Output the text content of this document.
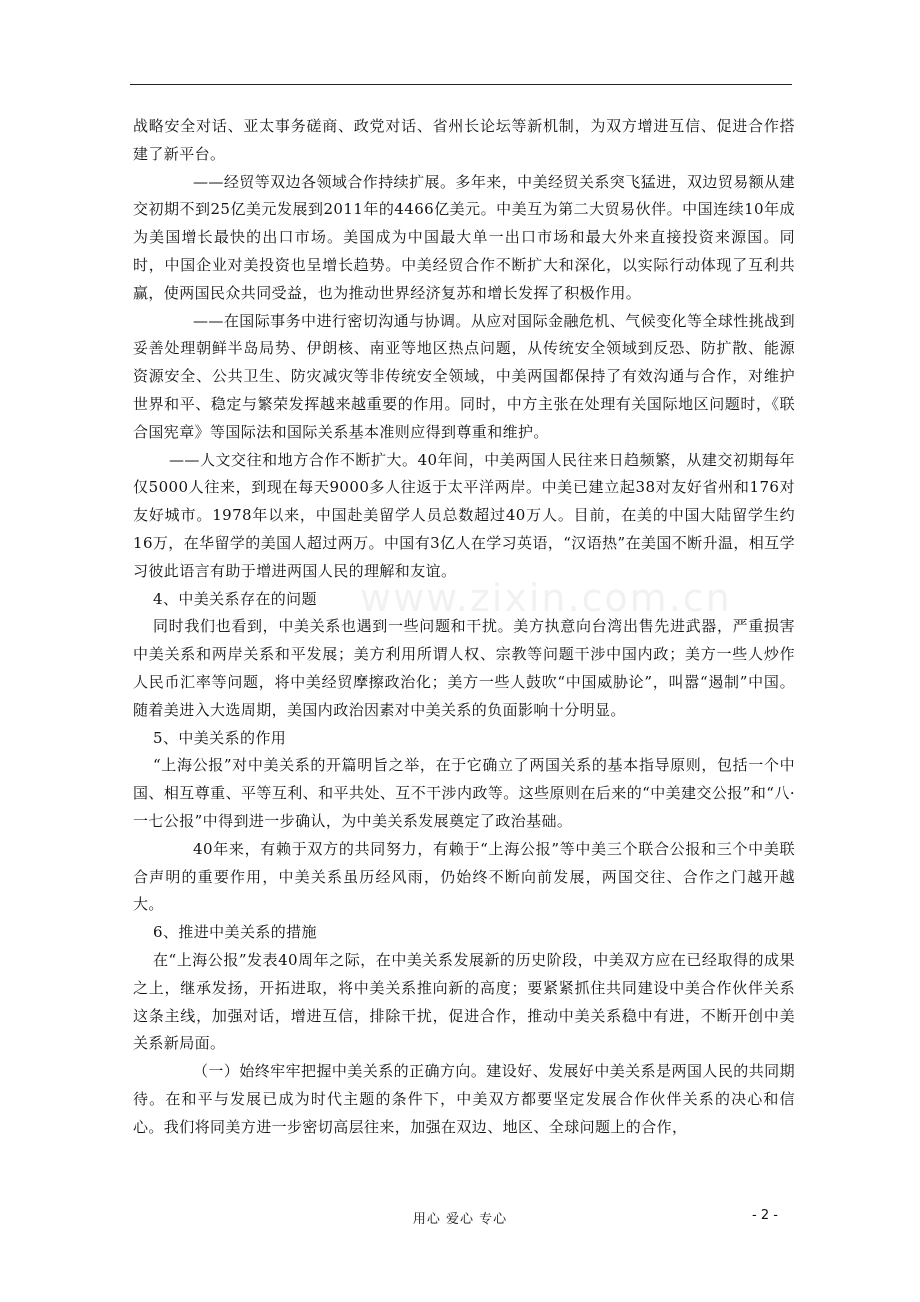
www.zixin.com.cn

战略安全对话、亚太事务磋商、政党对话、省州长论坛等新机制，为双方增进互信、促进合作搭建了新平台。

——经贸等双边各领域合作持续扩展。多年来，中美经贸关系突飞猛进，双边贸易额从建交初期不到25亿美元发展到2011年的4466亿美元。中美互为第二大贸易伙伴。中国连续10年成为美国增长最快的出口市场。美国成为中国最大单一出口市场和最大外来直接投资来源国。同时，中国企业对美投资也呈增长趋势。中美经贸合作不断扩大和深化，以实际行动体现了互利共赢，使两国民众共同受益，也为推动世界经济复苏和增长发挥了积极作用。

——在国际事务中进行密切沟通与协调。从应对国际金融危机、气候变化等全球性挑战到妥善处理朝鲜半岛局势、伊朗核、南亚等地区热点问题，从传统安全领域到反恐、防扩散、能源资源安全、公共卫生、防灾减灾等非传统安全领域，中美两国都保持了有效沟通与合作，对维护世界和平、稳定与繁荣发挥越来越重要的作用。同时，中方主张在处理有关国际地区问题时，《联合国宪章》等国际法和国际关系基本准则应得到尊重和维护。

——人文交往和地方合作不断扩大。40年间，中美两国人民往来日趋频繁，从建交初期每年仅5000人往来，到现在每天9000多人往返于太平洋两岸。中美已建立起38对友好省州和176对友好城市。1978年以来，中国赴美留学人员总数超过40万人。目前，在美的中国大陆留学生约16万，在华留学的美国人超过两万。中国有3亿人在学习英语，“汉语热”在美国不断升温，相互学习彼此语言有助于增进两国人民的理解和友谊。

4、中美关系存在的问题

同时我们也看到，中美关系也遇到一些问题和干扰。美方执意向台湾出售先进武器，严重损害中美关系和两岸关系和平发展；美方利用所谓人权、宗教等问题干涉中国内政；美方一些人炒作人民币汇率等问题，将中美经贸摩擦政治化；美方一些人鼓吹“中国威胁论”，叫嚣“遏制”中国。随着美进入大选周期，美国内政治因素对中美关系的负面影响十分明显。

5、中美关系的作用

“上海公报”对中美关系的开篇明旨之举，在于它确立了两国关系的基本指导原则，包括一个中国、相互尊重、平等互利、和平共处、互不干涉内政等。这些原则在后来的“中美建交公报”和“八·一七公报”中得到进一步确认，为中美关系发展奠定了政治基础。

40年来，有赖于双方的共同努力，有赖于“上海公报”等中美三个联合公报和三个中美联合声明的重要作用，中美关系虽历经风雨，仍始终不断向前发展，两国交往、合作之门越开越大。

6、推进中美关系的措施

在“上海公报”发表40周年之际，在中美关系发展新的历史阶段，中美双方应在已经取得的成果之上，继承发扬，开拓进取，将中美关系推向新的高度；要紧紧抓住共同建设中美合作伙伴关系这条主线，加强对话，增进互信，排除干扰，促进合作，推动中美关系稳中有进，不断开创中美关系新局面。

（一）始终牢牢把握中美关系的正确方向。建设好、发展好中美关系是两国人民的共同期待。在和平与发展已成为时代主题的条件下，中美双方都要坚定发展合作伙伴关系的决心和信心。我们将同美方进一步密切高层往来，加强在双边、地区、全球问题上的合作，

用心 爱心 专心	- 2 -
